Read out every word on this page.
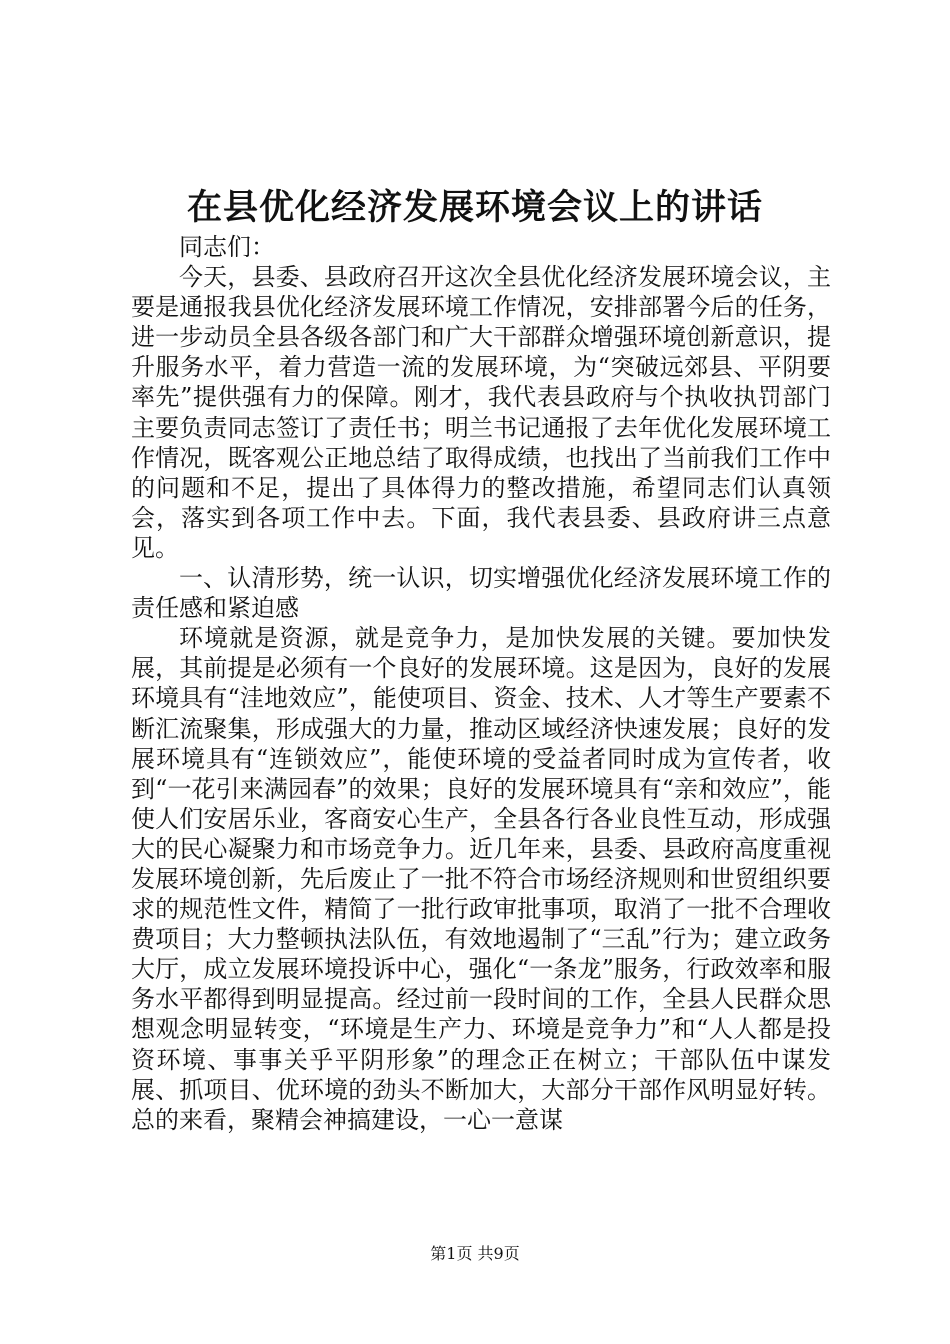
在县优化经济发展环境会议上的讲话

同志们：

今天，县委、县政府召开这次全县优化经济发展环境会议，主要是通报我县优化经济发展环境工作情况，安排部署今后的任务，进一步动员全县各级各部门和广大干部群众增强环境创新意识，提升服务水平，着力营造一流的发展环境，为“突破远郊县、平阴要率先”提供强有力的保障。刚才，我代表县政府与个执收执罚部门主要负责同志签订了责任书；明兰书记通报了去年优化发展环境工作情况，既客观公正地总结了取得成绩，也找出了当前我们工作中的问题和不足，提出了具体得力的整改措施，希望同志们认真领会，落实到各项工作中去。下面，我代表县委、县政府讲三点意见。

一、认清形势，统一认识，切实增强优化经济发展环境工作的责任感和紧迫感

环境就是资源，就是竞争力，是加快发展的关键。要加快发展，其前提是必须有一个良好的发展环境。这是因为，良好的发展环境具有“洼地效应”，能使项目、资金、技术、人才等生产要素不断汇流聚集，形成强大的力量，推动区域经济快速发展；良好的发展环境具有“连锁效应”，能使环境的受益者同时成为宣传者，收到“一花引来满园春”的效果；良好的发展环境具有“亲和效应”，能使人们安居乐业，客商安心生产，全县各行各业良性互动，形成强大的民心凝聚力和市场竞争力。近几年来，县委、县政府高度重视发展环境创新，先后废止了一批不符合市场经济规则和世贸组织要求的规范性文件，精简了一批行政审批事项，取消了一批不合理收费项目；大力整顿执法队伍，有效地遏制了“三乱”行为；建立政务大厅，成立发展环境投诉中心，强化“一条龙”服务，行政效率和服务水平都得到明显提高。经过前一段时间的工作，全县人民群众思想观念明显转变，“环境是生产力、环境是竞争力”和“人人都是投资环境、事事关乎平阴形象”的理念正在树立；干部队伍中谋发展、抓项目、优环境的劲头不断加大，大部分干部作风明显好转。总的来看，聚精会神搞建设，一心一意谋

第1页 共9页
